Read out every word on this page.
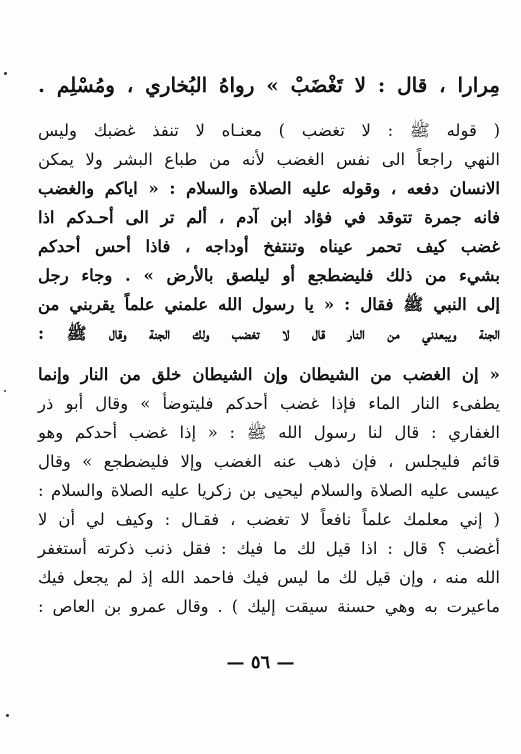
مِرارا ، قال : لا تَغْضَبْ » رواهُ البُخاري ، ومُسْلِم .
( قوله ﷺ : لا تغضب ) معنـاه لا تنفذ غضبك وليس
النهي راجعاً الى نفس الغضب لأنه من طباع البشر ولا يمكن
الانسان دفعه ، وقوله عليه الصلاة والسلام : « اياكم والغضب
فانه جمرة تتوقد في فؤاد ابن آدم ، ألم تر الى أحـدكم اذا
غضب كيف تحمر عيناه وتنتفخ أوداجه ، فاذا أحس أحدكم
بشيء من ذلك فليضطجع أو ليلصق بالأرض » . وجاء رجل
إلى النبي ﷺ فقال : « يا رسول الله علمني علماً يقربني من
الجنة ويبعدني من النار قال لا تغضب ولك الجنة وقال ﷺ :
« إن الغضب من الشيطان وإن الشيطان خلق من النار وإنما
يطفىء النار الماء فإذا غضب أحدكم فليتوضأ » وقال أبو ذر
الغفاري : قال لنا رسول الله ﷺ : « إذا غضب أحدكم وهو
قائم فليجلس ، فإن ذهب عنه الغضب وإلا فليضطجع » وقال
عيسى عليه الصلاة والسلام ليحيى بن زكريا عليه الصلاة والسلام :
( إني معلمك علماً نافعاً لا تغضب ، فقـال : وكيف لي أن لا
أغضب ؟ قال : اذا قيل لك ما فيك : فقل ذنب ذكرته أستغفر
الله منه ، وإن قيل لك ما ليس فيك فاحمد الله إذ لم يجعل فيك
ماعيرت به وهي حسنة سيقت إليك ) . وقال عمرو بن العاص :
— ٥٦ —
